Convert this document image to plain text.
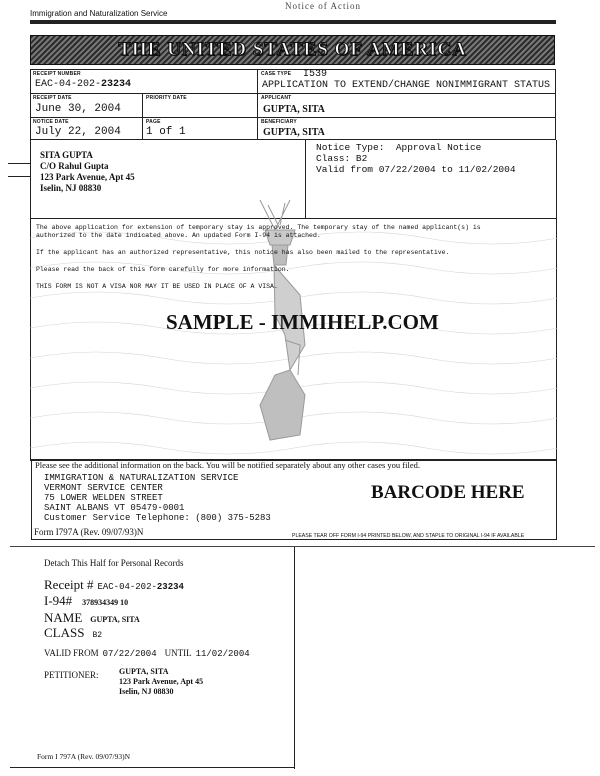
Immigration and Naturalization Service
Notice of Action
THE UNITED STATES OF AMERICA
RECEIPT NUMBER
EAC-04-202-23234
CASE TYPE I539
APPLICATION TO EXTEND/CHANGE NONIMMIGRANT STATUS
RECEIPT DATE
June 30, 2004
PRIORITY DATE	APPLICANT
GUPTA, SITA
NOTICE DATE
July 22, 2004
PAGE
1 of 1
BENEFICIARY
GUPTA, SITA
SITA GUPTA
C/O Rahul Gupta
123 Park Avenue, Apt 45
Iselin, NJ 08830
Notice Type: Approval Notice
Class: B2
Valid from 07/22/2004 to 11/02/2004
The above application for extension of temporary stay is approved. The temporary stay of the named applicant(s) is
authorized to the date indicated above. An updated Form I-94 is attached.
If the applicant has an authorized representative, this notice has also been mailed to the representative.
Please read the back of this form carefully for more information.
THIS FORM IS NOT A VISA NOR MAY IT BE USED IN PLACE OF A VISA.
SAMPLE - IMMIHELP.COM
Please see the additional information on the back. You will be notified separately about any other cases you filed.
IMMIGRATION & NATURALIZATION SERVICE
VERMONT SERVICE CENTER
75 LOWER WELDEN STREET
SAINT ALBANS VT 05479-0001
Customer Service Telephone: (800) 375-5283
Form I797A (Rev. 09/07/93)N
BARCODE HERE
PLEASE TEAR OFF FORM I-94 PRINTED BELOW, AND STAPLE TO ORIGINAL I-94 IF AVAILABLE
Detach This Half for Personal Records
Receipt # EAC-04-202-23234
I-94# 378934349 10
NAME GUPTA, SITA
CLASS B2
VALID FROM 07/22/2004 UNTIL 11/02/2004
PETITIONER:	GUPTA, SITA
123 Park Avenue, Apt 45
Iselin, NJ 08830
Form I 797A (Rev. 09/07/93)N
